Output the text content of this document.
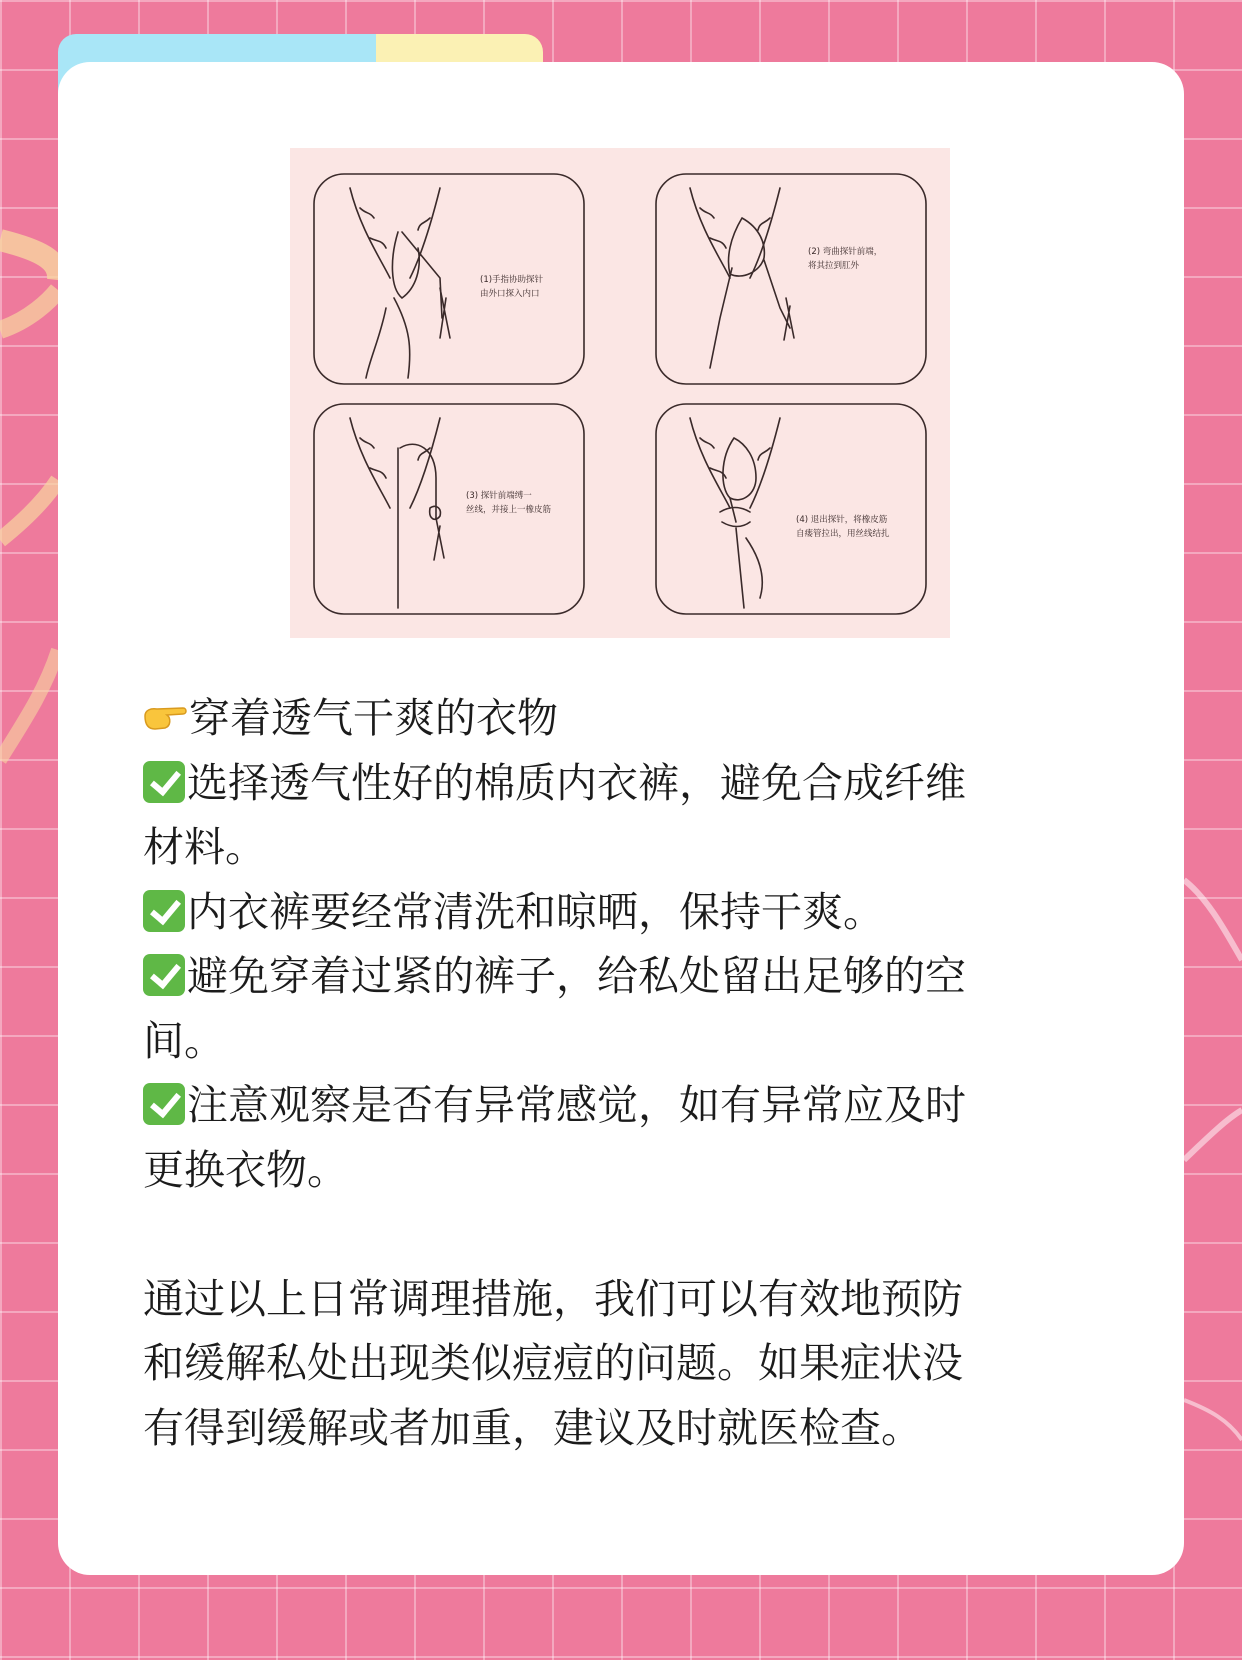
(1)手指协助探针
由外口探入内口
(2) 弯曲探针前端，
将其拉到肛外
(3) 探针前端缚一
丝线，并接上一橡皮筋
(4) 退出探针，将橡皮筋
自瘘管拉出，用丝线结扎

穿着透气干爽的衣物

选择透气性好的棉质内衣裤，避免合成纤维

材料。

内衣裤要经常清洗和晾晒，保持干爽。

避免穿着过紧的裤子，给私处留出足够的空

间。

注意观察是否有异常感觉，如有异常应及时

更换衣物。

通过以上日常调理措施，我们可以有效地预防

和缓解私处出现类似痘痘的问题。如果症状没

有得到缓解或者加重，建议及时就医检查。
